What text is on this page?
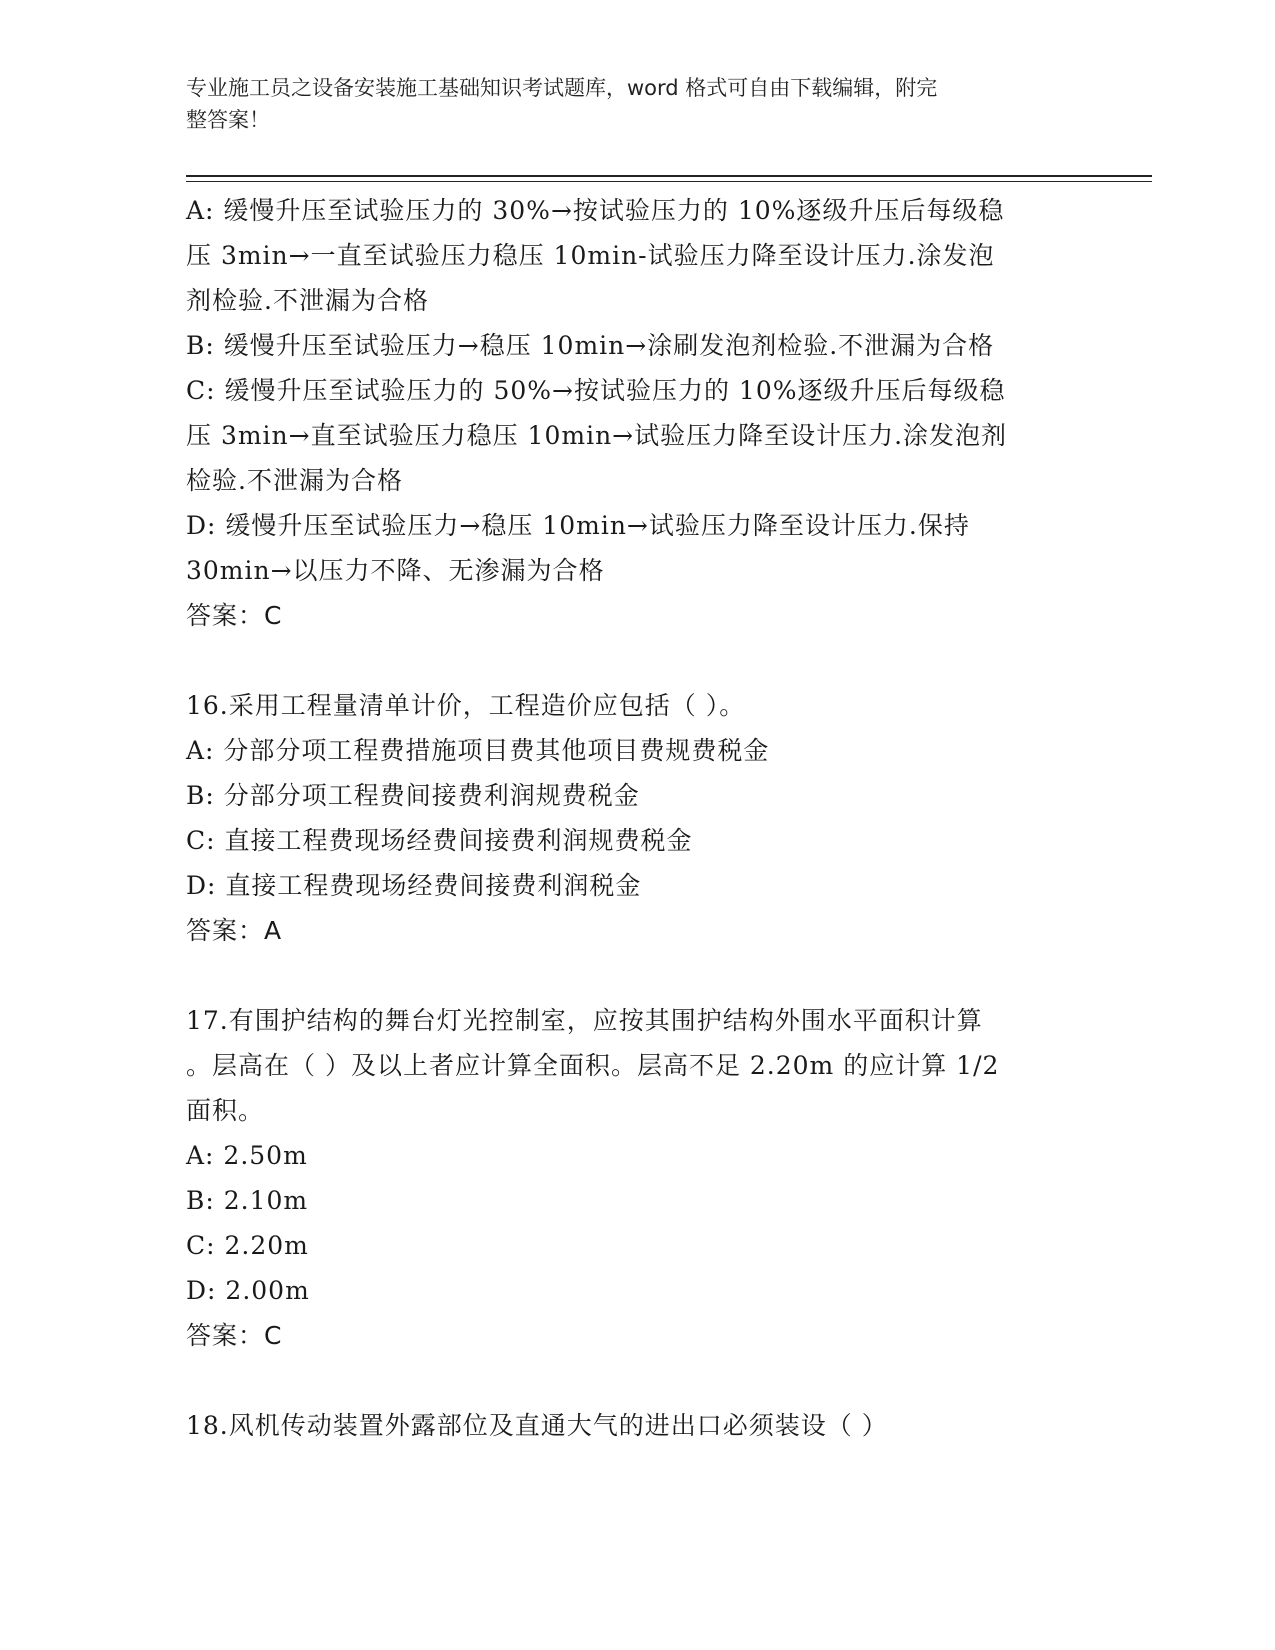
专业施工员之设备安装施工基础知识考试题库，word 格式可自由下载编辑，附完
整答案！
A: 缓慢升压至试验压力的 30%→按试验压力的 10%逐级升压后每级稳
压 3min→一直至试验压力稳压 10min-试验压力降至设计压力.涂发泡
剂检验.不泄漏为合格
B: 缓慢升压至试验压力→稳压 10min→涂刷发泡剂检验.不泄漏为合格
C: 缓慢升压至试验压力的 50%→按试验压力的 10%逐级升压后每级稳
压 3min→直至试验压力稳压 10min→试验压力降至设计压力.涂发泡剂
检验.不泄漏为合格
D: 缓慢升压至试验压力→稳压 10min→试验压力降至设计压力.保持
30min→以压力不降、无渗漏为合格
答案：C
16.采用工程量清单计价，工程造价应包括（ ）。
A: 分部分项工程费措施项目费其他项目费规费税金
B: 分部分项工程费间接费利润规费税金
C: 直接工程费现场经费间接费利润规费税金
D: 直接工程费现场经费间接费利润税金
答案：A
17.有围护结构的舞台灯光控制室，应按其围护结构外围水平面积计算
。层高在（ ）及以上者应计算全面积。层高不足 2.20m 的应计算 1/2
面积。
A: 2.50m
B: 2.10m
C: 2.20m
D: 2.00m
答案：C
18.风机传动装置外露部位及直通大气的进出口必须装设（ ）
